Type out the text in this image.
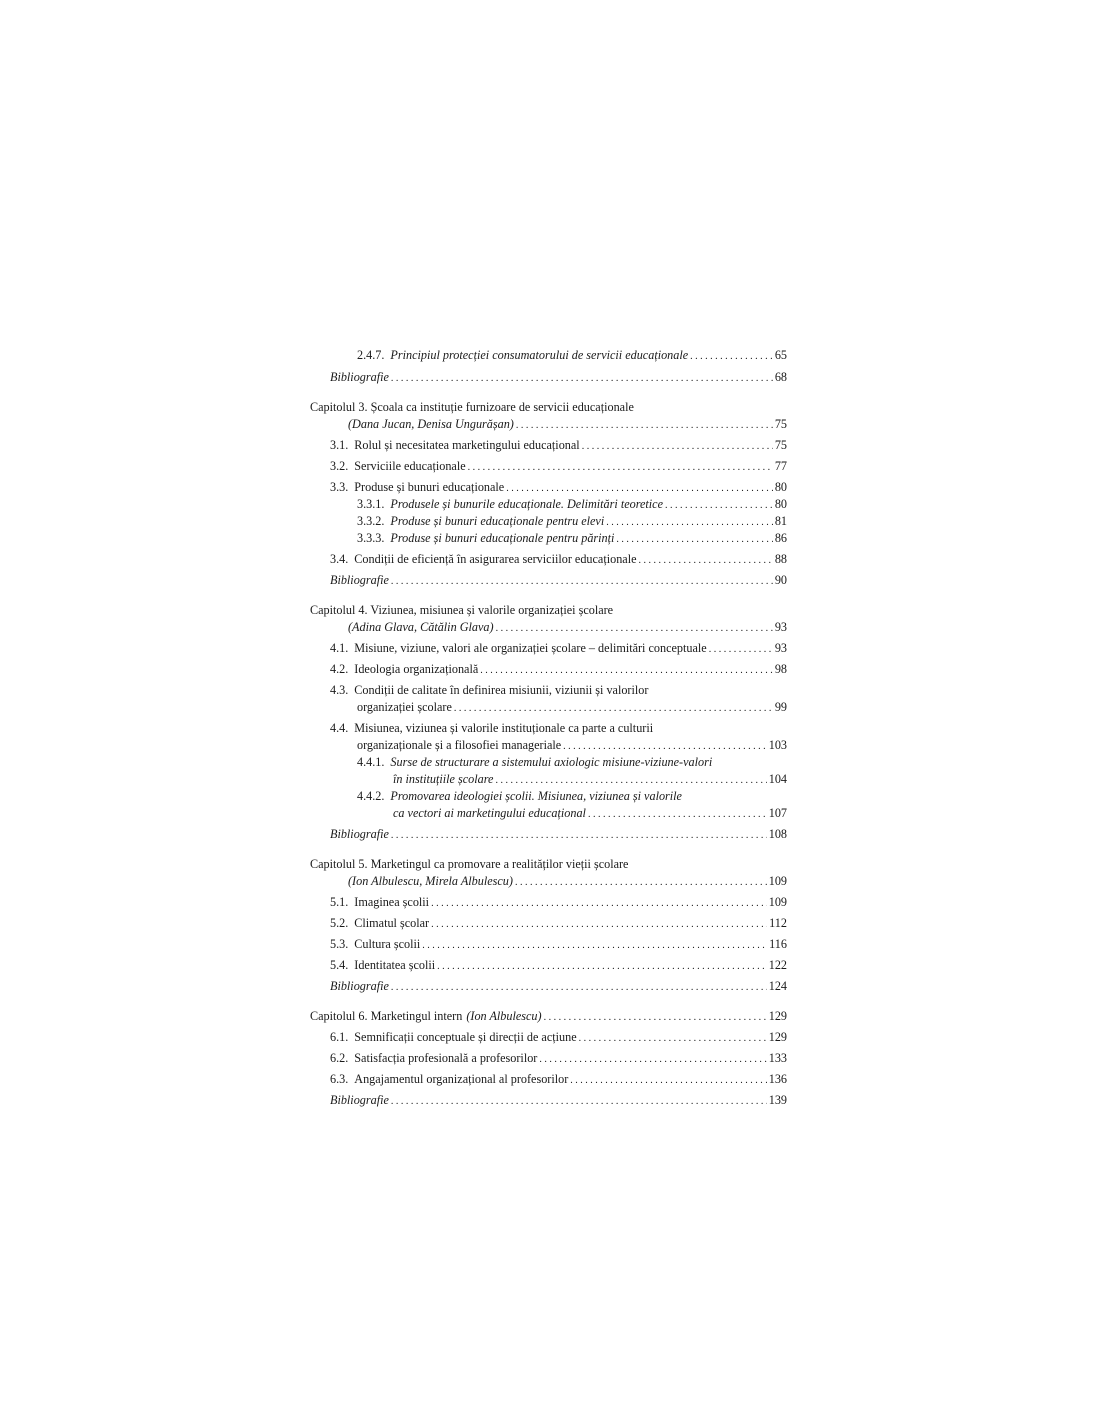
2.4.7. Principiul protecției consumatorului de servicii educaționale . . .	65
Bibliografie . . .	68
Capitolul 3. Școala ca instituție furnizoare de servicii educaționale
(Dana Jucan, Denisa Ungurășan) . . .	75
3.1. Rolul și necesitatea marketingului educațional . . .	75
3.2. Serviciile educaționale . . .	77
3.3. Produse și bunuri educaționale . . .	80
3.3.1. Produsele și bunurile educaționale. Delimitări teoretice . . .	80
3.3.2. Produse și bunuri educaționale pentru elevi . . .	81
3.3.3. Produse și bunuri educaționale pentru părinți . . .	86
3.4. Condiții de eficiență în asigurarea serviciilor educaționale . . .	88
Bibliografie . . .	90
Capitolul 4. Viziunea, misiunea și valorile organizației școlare
(Adina Glava, Cătălin Glava) . . .	93
4.1. Misiune, viziune, valori ale organizației școlare – delimitări conceptuale . . .	93
4.2. Ideologia organizațională . . .	98
4.3. Condiții de calitate în definirea misiunii, viziunii și valorilor
organizației școlare . . .	99
4.4. Misiunea, viziunea și valorile instituționale ca parte a culturii
organizaționale și a filosofiei manageriale . . .	103
4.4.1. Surse de structurare a sistemului axiologic misiune-viziune-valori
în instituțiile școlare . . .	104
4.4.2. Promovarea ideologiei școlii. Misiunea, viziunea și valorile
ca vectori ai marketingului educațional . . .	107
Bibliografie . . .	108
Capitolul 5. Marketingul ca promovare a realităților vieții școlare
(Ion Albulescu, Mirela Albulescu) . . .	109
5.1. Imaginea școlii . . .	109
5.2. Climatul școlar . . .	112
5.3. Cultura școlii . . .	116
5.4. Identitatea școlii . . .	122
Bibliografie . . .	124
Capitolul 6. Marketingul intern (Ion Albulescu) . . .	129
6.1. Semnificații conceptuale și direcții de acțiune . . .	129
6.2. Satisfacția profesională a profesorilor . . .	133
6.3. Angajamentul organizațional al profesorilor . . .	136
Bibliografie . . .	139
